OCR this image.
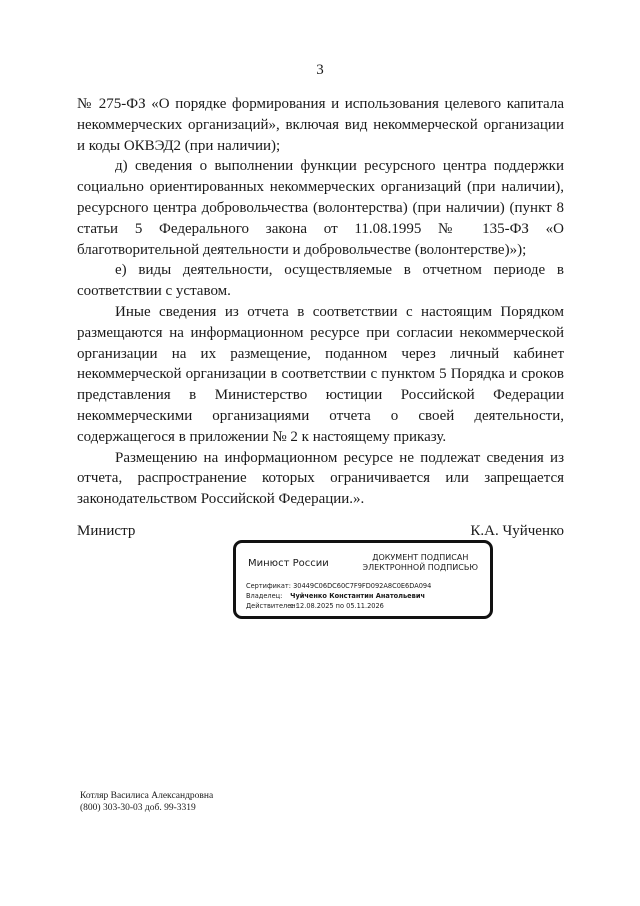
3

№ 275-ФЗ «О порядке формирования и использования целевого капитала некоммерческих организаций», включая вид некоммерческой организации и коды ОКВЭД2 (при наличии);

д) сведения о выполнении функции ресурсного центра поддержки социально ориентированных некоммерческих организаций (при наличии), ресурсного центра добровольчества (волонтерства) (при наличии) (пункт 8 статьи 5 Федерального закона от 11.08.1995 № 135-ФЗ «О благотворительной деятельности и добровольчестве (волонтерстве)»);

е) виды деятельности, осуществляемые в отчетном периоде в соответствии с уставом.

Иные сведения из отчета в соответствии с настоящим Порядком размещаются на информационном ресурсе при согласии некоммерческой организации на их размещение, поданном через личный кабинет некоммерческой организации в соответствии с пунктом 5 Порядка и сроков представления в Министерство юстиции Российской Федерации некоммерческими организациями отчета о своей деятельности, содержащегося в приложении № 2 к настоящему приказу.

Размещению на информационном ресурсе не подлежат сведения из отчета, распространение которых ограничивается или запрещается законодательством Российской Федерации.».

Министр	К.А. Чуйченко
Минюст России
ДОКУМЕНТ ПОДПИСАН
ЭЛЕКТРОННОЙ ПОДПИСЬЮ
Сертификат: 30449C06DC60C7F9FD092A8C0E6DA094
Владелец: Чуйченко Константин Анатольевич
Действителен: с 12.08.2025 по 05.11.2026
Котляр Василиса Александровна
(800) 303-30-03 доб. 99-3319
